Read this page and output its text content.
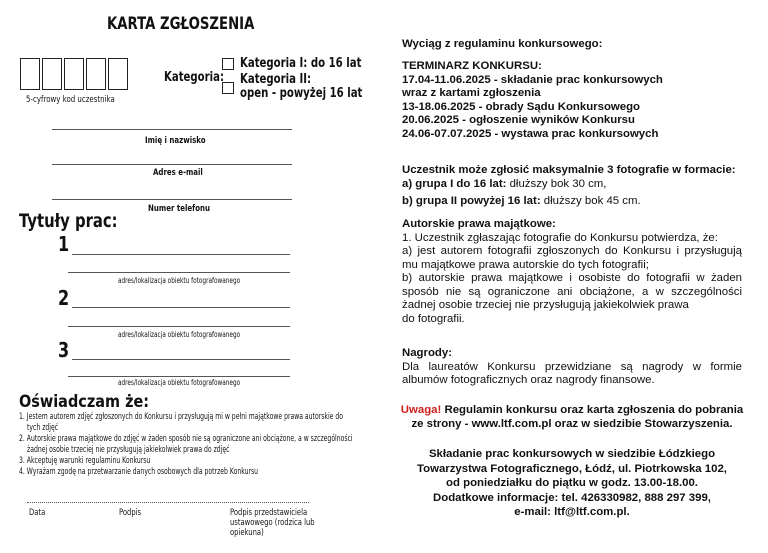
KARTA ZGŁOSZENIA
5-cyfrowy kod uczestnika
Kategoria:
Kategoria I: do 16 lat
Kategoria II:
open - powyżej 16 lat
Imię i nazwisko
Adres e-mail
Numer telefonu
Tytuły prac:
1
adres/lokalizacja obiektu fotografowanego
2
adres/lokalizacja obiektu fotografowanego
3
adres/lokalizacja obiektu fotografowanego
Oświadczam że:
1. Jestem autorem zdjęć zgłoszonych do Konkursu i przysługują mi w pełni majątkowe prawa autorskie do
tych zdjęć
2. Autorskie prawa majątkowe do zdjęć w żaden sposób nie są ograniczone ani obciążone, a w szczególności
żadnej osobie trzeciej nie przysługują jakiekolwiek prawa do zdjęć
3. Akceptuję warunki regulaminu Konkursu
4. Wyrażam zgodę na przetwarzanie danych osobowych dla potrzeb Konkursu
Data	Podpis	Podpis przedstawiciela
ustawowego (rodzica lub
opiekuna)
Wyciąg z regulaminu konkursowego:

TERMINARZ KONKURSU:

17.04-11.06.2025 - składanie prac konkursowych

wraz z kartami zgłoszenia

13-18.06.2025 - obrady Sądu Konkursowego

20.06.2025 - ogłoszenie wyników Konkursu

24.06-07.07.2025 - wystawa prac konkursowych

Uczestnik może zgłosić maksymalnie 3 fotografie w formacie:

a) grupa I do 16 lat: dłuższy bok 30 cm,

b) grupa II powyżej 16 lat: dłuższy bok 45 cm.

Autorskie prawa majątkowe:

1. Uczestnik zgłaszając fotografie do Konkursu potwierdza, że:

a) jest autorem fotografii zgłoszonych do Konkursu i przysługują mu majątkowe prawa autorskie do tych fotografii;

b) autorskie prawa majątkowe i osobiste do fotografii w żaden sposób nie są ograniczone ani obciążone, a w szczególności żadnej osobie trzeciej nie przysługują jakiekolwiek prawa

do fotografii.

Nagrody:

Dla laureatów Konkursu przewidziane są nagrody w formie albumów fotograficznych oraz nagrody finansowe.

Uwaga! Regulamin konkursu oraz karta zgłoszenia do pobrania

ze strony - www.ltf.com.pl oraz w siedzibie Stowarzyszenia.

Składanie prac konkursowych w siedzibie Łódzkiego

Towarzystwa Fotograficznego, Łódź, ul. Piotrkowska 102,

od poniedziałku do piątku w godz. 13.00-18.00.

Dodatkowe informacje: tel. 426330982, 888 297 399,

e-mail: ltf@ltf.com.pl.
